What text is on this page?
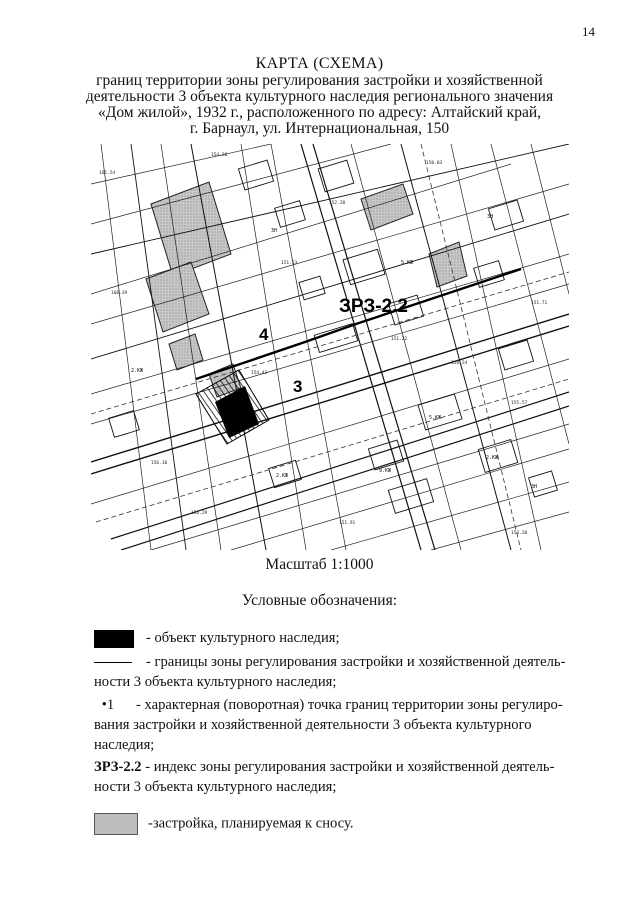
14
КАРТА (СХЕМА)
границ территории зоны регулирования застройки и хозяйственной
деятельности 3 объекта культурного наследия регионального значения
«Дом жилой», 1932 г., расположенного по адресу: Алтайский край,
г. Барнаул, ул. Интернациональная, 150
ЗРЗ-2.2
4
3
2.КЖ
5.КЖ
3Н
9.КЖ
5.КЖ
2.КЖ
2.КЖ
3Н
3Н
161.54
154.28
152.28
151.53
150.83
160.39
154.42
156.10
151.71
158.24
155.57
151.91
156.29
151.22
153.20
Масштаб 1:1000
Условные обозначения:
- объект культурного наследия;
- границы зоны регулирования застройки и хозяйственной деятель-
ности 3 объекта культурного наследия;
•1 - характерная (поворотная) точка границ территории зоны регулиро-
вания застройки и хозяйственной деятельности 3 объекта культурного
наследия;
ЗРЗ-2.2 - индекс зоны регулирования застройки и хозяйственной деятель-
ности 3 объекта культурного наследия;
-застройка, планируемая к сносу.
